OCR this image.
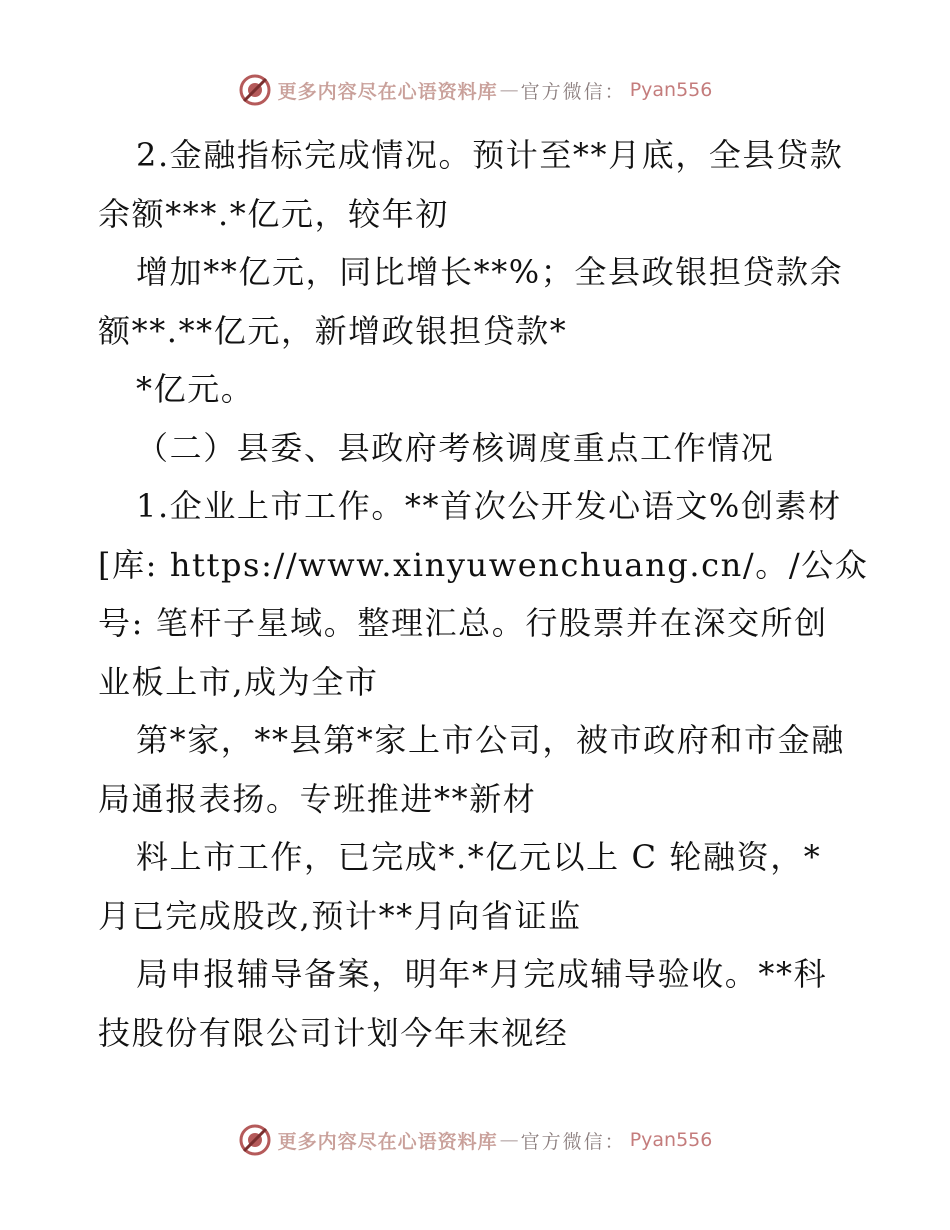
更多内容尽在心语资料库 — 官方微信： Pyan556
2.金融指标完成情况。预计至**月底，全县贷款
余额***.*亿元，较年初
增加**亿元，同比增长**%；全县政银担贷款余
额**.**亿元，新增政银担贷款*
*亿元。
（二）县委、县政府考核调度重点工作情况
1.企业上市工作。**首次公开发心语文%创素材
[库: https://www.xinyuwenchuang.cn/。/公众
号: 笔杆子星域。整理汇总。行股票并在深交所创
业板上市,成为全市
第*家，**县第*家上市公司，被市政府和市金融
局通报表扬。专班推进**新材
料上市工作，已完成*.*亿元以上 C 轮融资，*
月已完成股改,预计**月向省证监
局申报辅导备案，明年*月完成辅导验收。**科
技股份有限公司计划今年末视经
更多内容尽在心语资料库 — 官方微信： Pyan556
